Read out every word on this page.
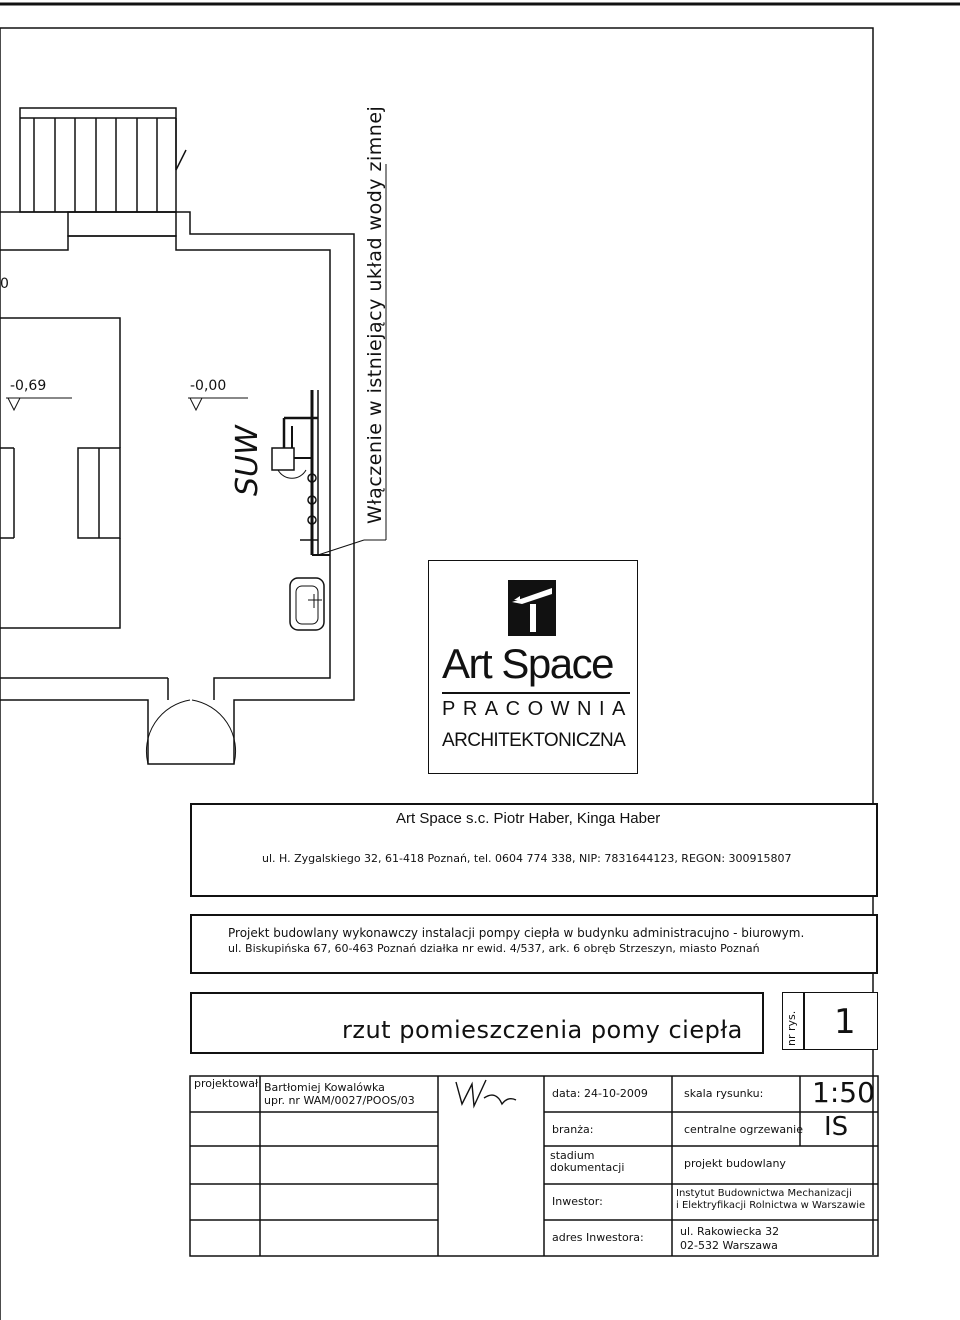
0
-0,69	-0,00
SUW	Włączenie w istniejący układ wody zimnej
Art Space
PRACOWNIA
ARCHITEKTONICZNA
Art Space s.c. Piotr Haber, Kinga Haber
ul. H. Zygalskiego 32, 61-418 Poznań, tel. 0604 774 338, NIP: 7831644123, REGON: 300915807
Projekt budowlany wykonawczy instalacji pompy ciepła w budynku administracujno - biurowym.
ul. Biskupińska 67, 60-463 Poznań działka nr ewid. 4/537, ark. 6 obręb Strzeszyn, miasto Poznań
rzut pomieszczenia pomy ciepła	nr rys. 1
projektował: Bartłomiej Kowalówka
upr. nr WAM/0027/POOS/03
data: 24-10-2009	skala rysunku: 1:50
branża:	centralne ogrzewanie IS
stadium
dokumentacji	projekt budowlany
Inwestor:
Instytut Budownictwa Mechanizacji
i Elektryfikacji Rolnictwa w Warszawie
adres Inwestora:	ul. Rakowiecka 32
02-532 Warszawa
